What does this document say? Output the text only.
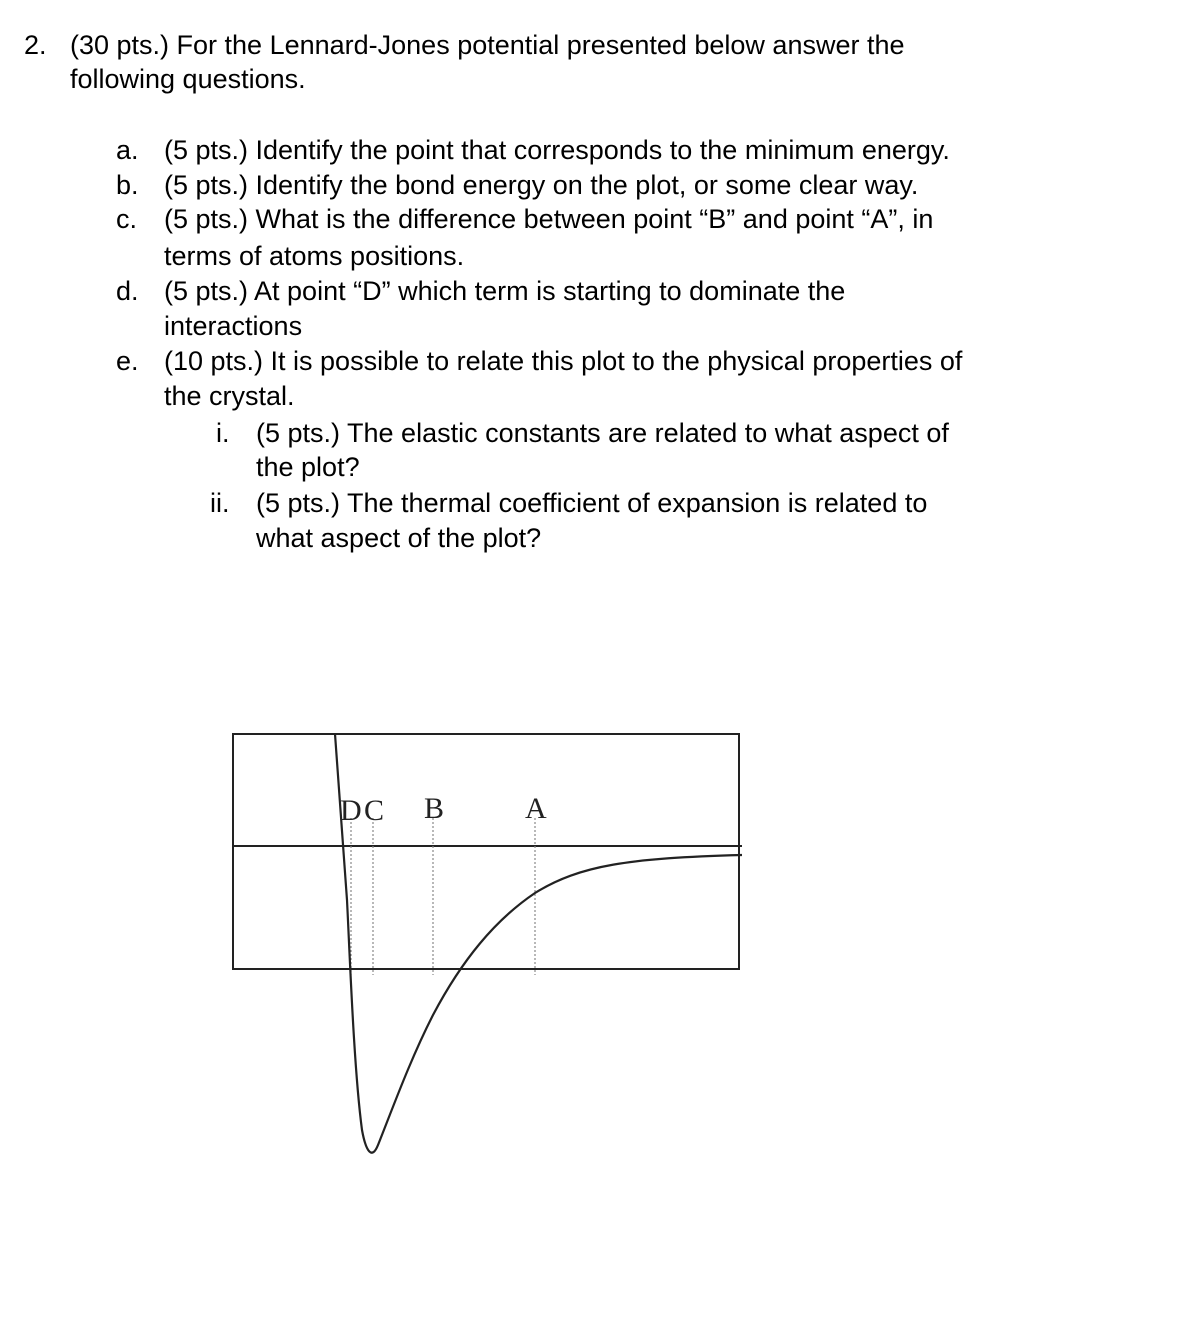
2. (30 pts.) For the Lennard-Jones potential presented below answer the
following questions.
a. (5 pts.) Identify the point that corresponds to the minimum energy.
b. (5 pts.) Identify the bond energy on the plot, or some clear way.
c. (5 pts.) What is the difference between point “B” and point “A”, in
terms of atoms positions.
d. (5 pts.) At point “D” which term is starting to dominate the
interactions
e. (10 pts.) It is possible to relate this plot to the physical properties of
the crystal.
i. (5 pts.) The elastic constants are related to what aspect of
the plot?
ii. (5 pts.) The thermal coefficient of expansion is related to
what aspect of the plot?
D C B	A
